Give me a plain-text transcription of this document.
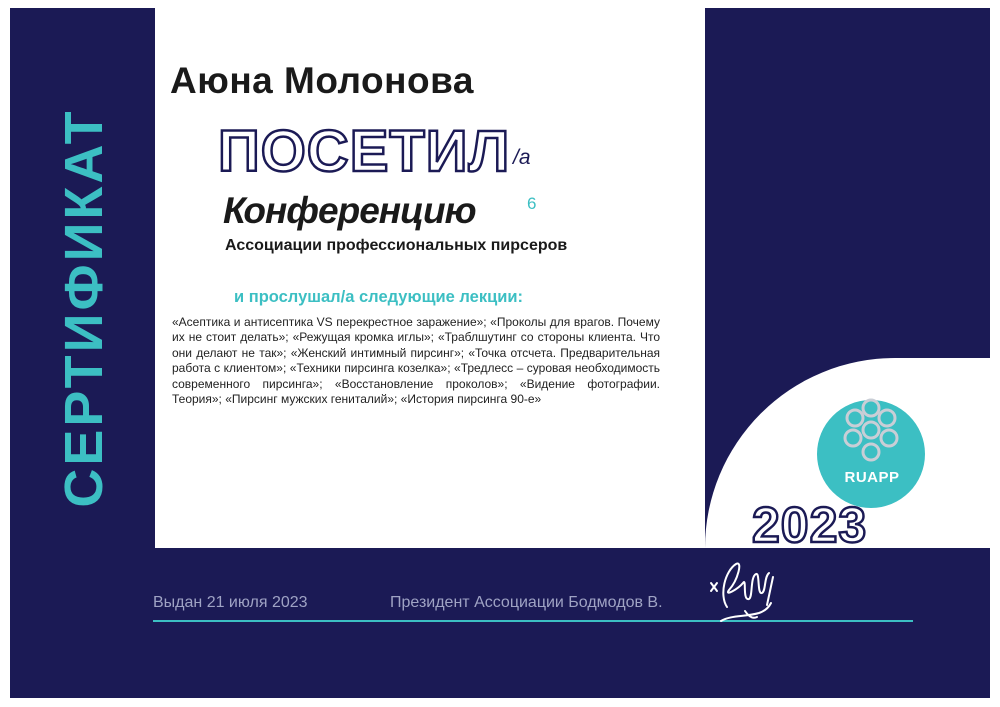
СЕРТИФИКАТ
Аюна Молонова
ПОСЕТИЛ /а
Конференцию	6
Ассоциации профессиональных пирсеров
и прослушал/а следующие лекции:
«Асептика и антисептика VS перекрестное заражение»; «Проколы для врагов. Почему их не стоит делать»; «Режущая кромка иглы»; «Траблшутинг со стороны клиента. Что они делают не так»; «Женский интимный пирсинг»; «Точка отсчета. Предварительная работа с клиентом»; «Техники пирсинга козелка»; «Тредлесс – суровая необходимость современного пирсинга»; «Восстановление проколов»; «Видение фотографии. Теория»; «Пирсинг мужских гениталий»; «История пирсинга 90-е»
RUAPP
2023
Выдан 21 июля 2023	Президент Ассоциации Бодмодов В.
